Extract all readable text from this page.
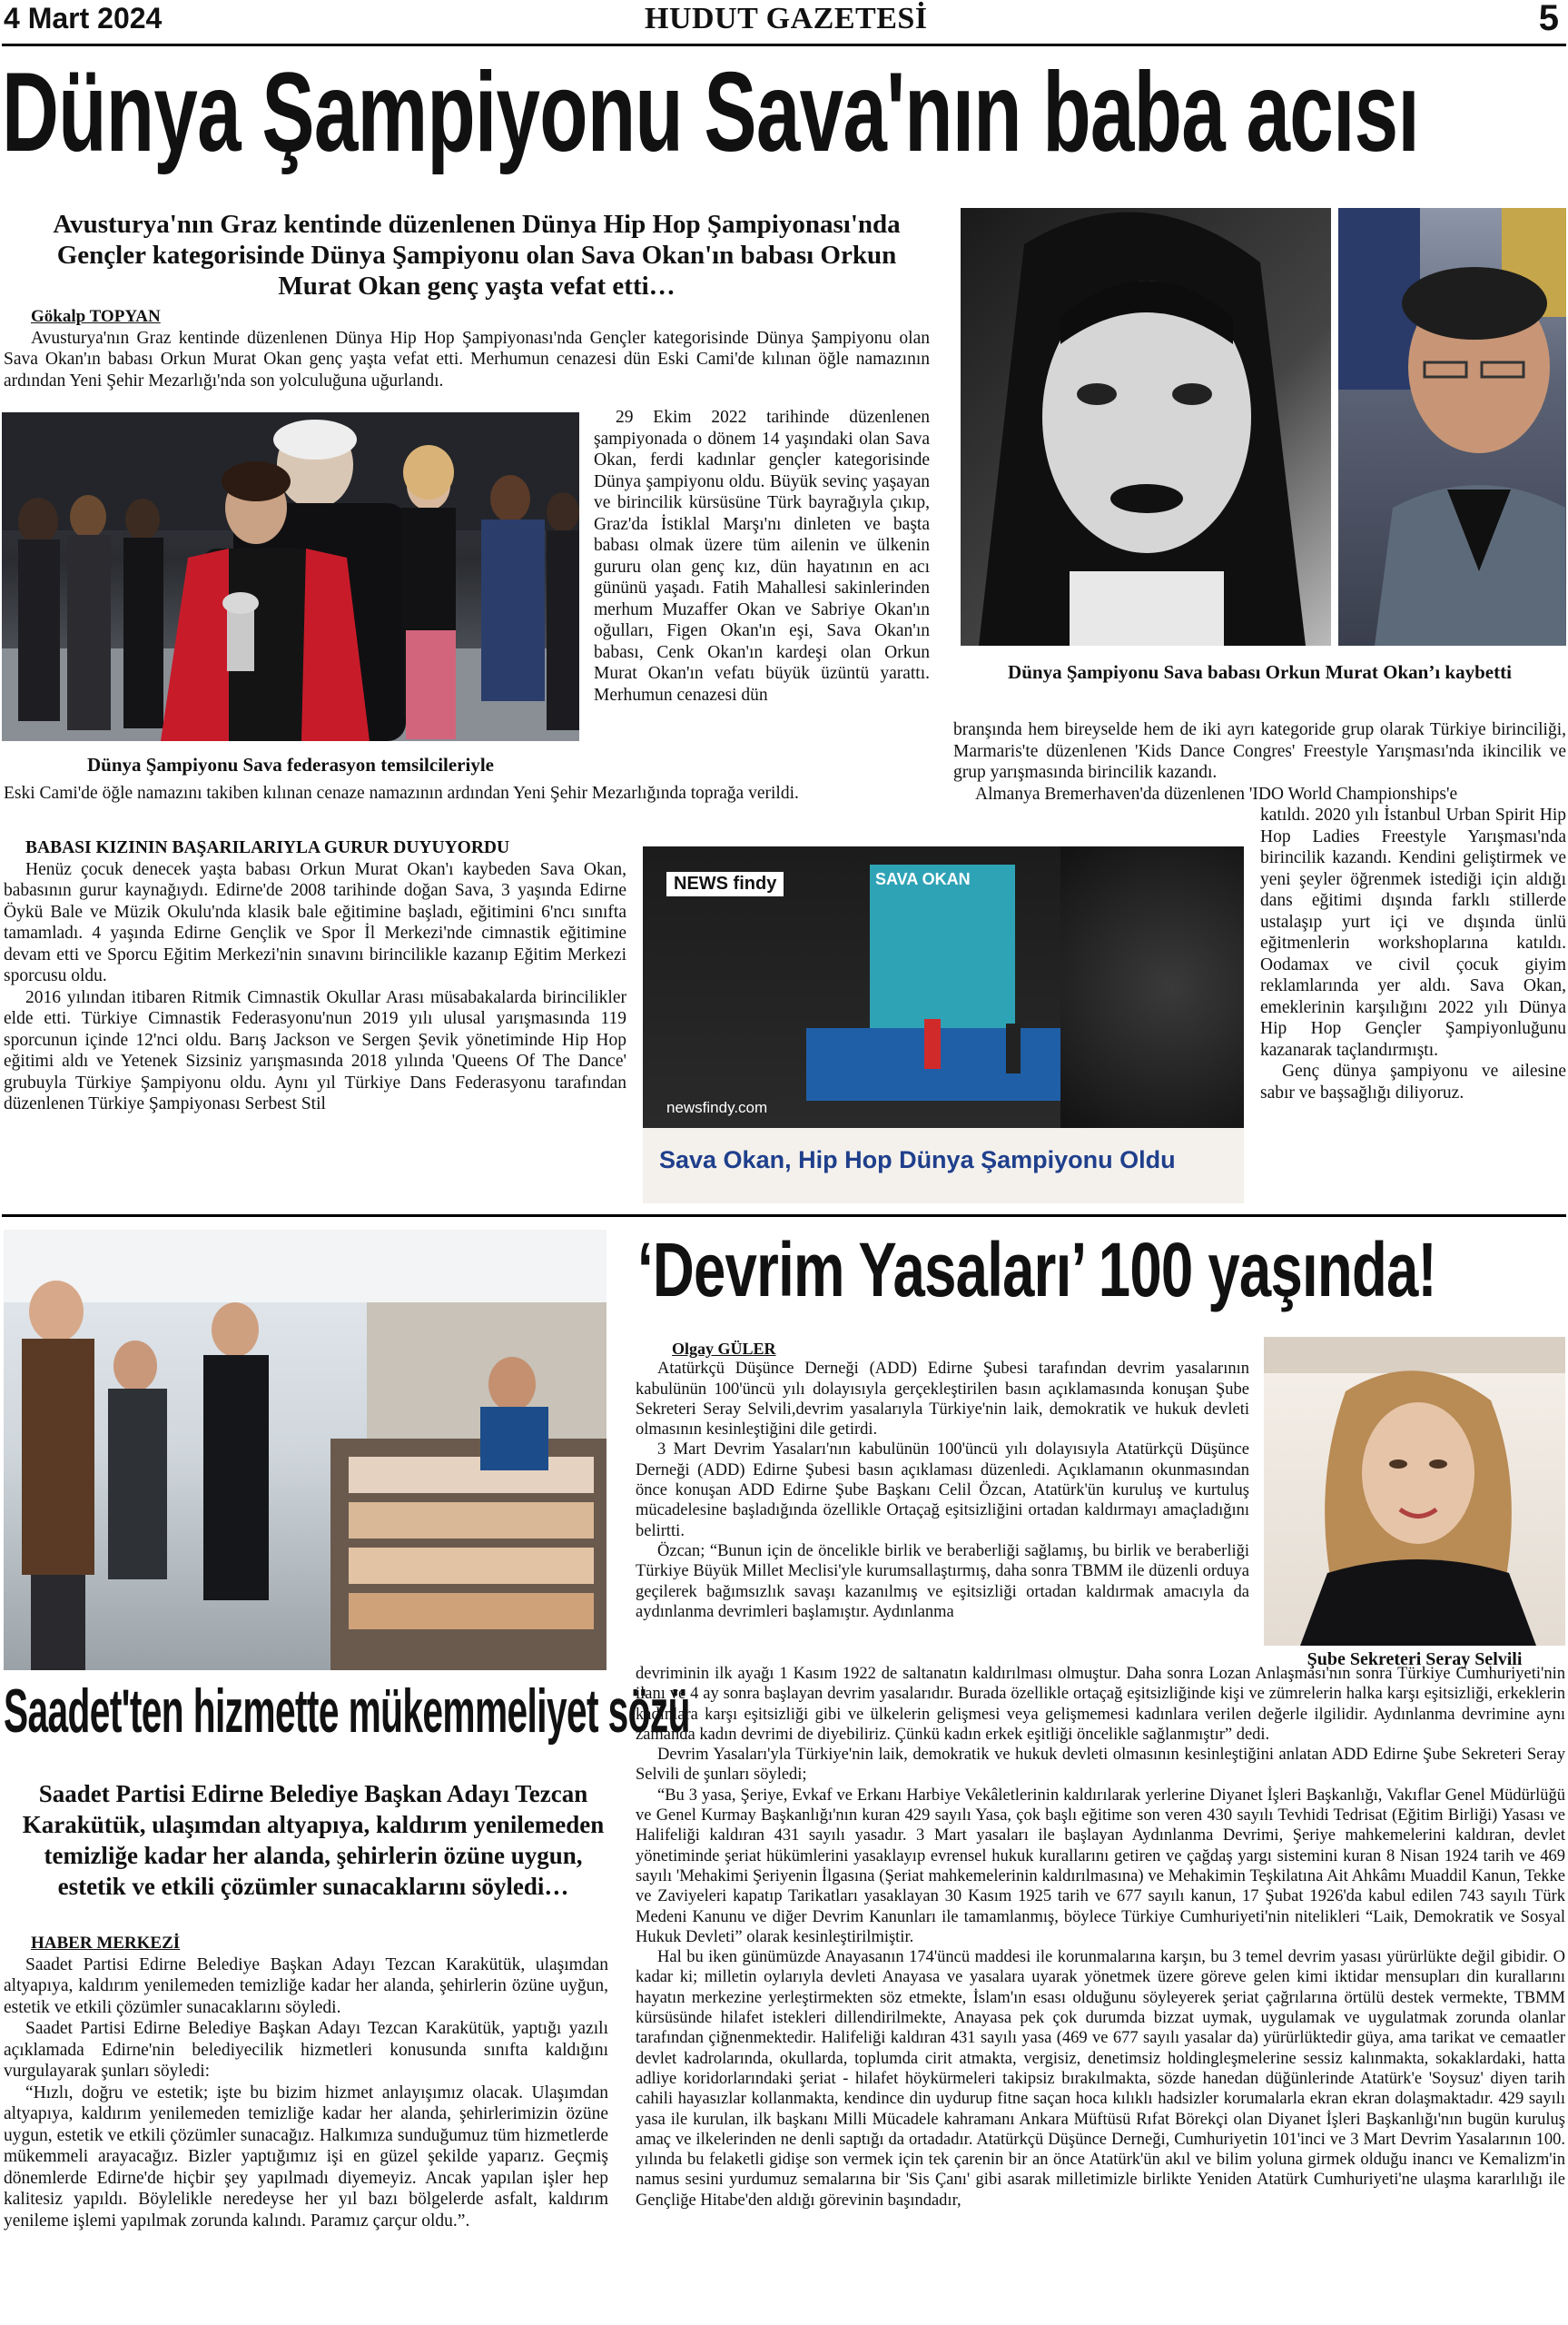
4 Mart 2024	HUDUT GAZETESİ	5
Dünya Şampiyonu Sava'nın baba acısı
Avusturya'nın Graz kentinde düzenlenen Dünya Hip Hop Şampiyonası'nda Gençler kategorisinde Dünya Şampiyonu olan Sava Okan'ın babası Orkun Murat Okan genç yaşta vefat etti…
Gökalp TOPYAN

Avusturya'nın Graz kentinde düzenlenen Dünya Hip Hop Şampiyonası'nda Gençler kategorisinde Dünya Şampiyonu olan Sava Okan'ın babası Orkun Murat Okan genç yaşta vefat etti. Merhumun cenazesi dün Eski Cami'de kılınan öğle namazının ardından Yeni Şehir Mezarlığı'nda son yolculuğuna uğurlandı.

Dünya Şampiyonu Sava federasyon temsilcileriyle

29 Ekim 2022 tarihinde düzenlenen şampiyonada o dönem 14 yaşındaki olan Sava Okan, ferdi kadınlar gençler kategorisinde Dünya şampiyonu oldu. Büyük sevinç yaşayan ve birincilik kürsüsüne Türk bayrağıyla çıkıp, Graz'da İstiklal Marşı'nı dinleten ve başta babası olmak üzere tüm ailenin ve ülkenin gururu olan genç kız, dün hayatının en acı gününü yaşadı. Fatih Mahallesi sakinlerinden merhum Muzaffer Okan ve Sabriye Okan'ın oğulları, Figen Okan'ın eşi, Sava Okan'ın babası, Cenk Okan'ın kardeşi olan Orkun Murat Okan'ın vefatı büyük üzüntü yarattı. Merhumun cenazesi dün

Dünya Şampiyonu Sava babası Orkun Murat Okan’ı kaybetti

Eski Cami'de öğle namazını takiben kılınan cenaze namazının ardından Yeni Şehir Mezarlığında toprağa verildi.

BABASI KIZININ BAŞARILARIYLA GURUR DUYUYORDU

Henüz çocuk denecek yaşta babası Orkun Murat Okan'ı kaybeden Sava Okan, babasının gurur kaynağıydı. Edirne'de 2008 tarihinde doğan Sava, 3 yaşında Edirne Öykü Bale ve Müzik Okulu'nda klasik bale eğitimine başladı, eğitimini 6'ncı sınıfta tamamladı. 4 yaşında Edirne Gençlik ve Spor İl Merkezi'nde cimnastik eğitimine devam etti ve Sporcu Eğitim Merkezi'nin sınavını birincilikle kazanıp Eğitim Merkezi sporcusu oldu.

2016 yılından itibaren Ritmik Cimnastik Okullar Arası müsabakalarda birincilikler elde etti. Türkiye Cimnastik Federasyonu'nun 2019 yılı ulusal yarışmasında 119 sporcunun içinde 12'nci oldu. Barış Jackson ve Sergen Şevik yönetiminde Hip Hop eğitimi aldı ve Yetenek Sizsiniz yarışmasında 2018 yılında 'Queens Of The Dance' grubuyla Türkiye Şampiyonu oldu. Aynı yıl Türkiye Dans Federasyonu tarafından düzenlenen Türkiye Şampiyonası Serbest Stil

branşında hem bireyselde hem de iki ayrı kategoride grup olarak Türkiye birinciliği, Marmaris'te düzenlenen 'Kids Dance Congres' Freestyle Yarışması'nda ikincilik ve grup yarışmasında birincilik kazandı.

Almanya Bremerhaven'da düzenlenen 'IDO World Championships'e

NEWS findy	SAVA OKAN
newsfindy.com
Sava Okan, Hip Hop Dünya Şampiyonu Oldu

katıldı. 2020 yılı İstanbul Urban Spirit Hip Hop Ladies Freestyle Yarışması'nda birincilik kazandı. Kendini geliştirmek ve yeni şeyler öğrenmek istediği için aldığı dans eğitimi dışında farklı stillerde ustalaşıp yurt içi ve dışında ünlü eğitmenlerin workshoplarına katıldı. Oodamax ve civil çocuk giyim reklamlarında yer aldı. Sava Okan, emeklerinin karşılığını 2022 yılı Dünya Hip Hop Gençler Şampiyonluğunu kazanarak taçlandırmıştı.

Genç dünya şampiyonu ve ailesine sabır ve başsağlığı diliyoruz.

Saadet'ten hizmette mükemmeliyet sözü
Saadet Partisi Edirne Belediye Başkan Adayı Tezcan Karakütük, ulaşımdan altyapıya, kaldırım yenilemeden temizliğe kadar her alanda, şehirlerin özüne uygun, estetik ve etkili çözümler sunacaklarını söyledi…
HABER MERKEZİ

Saadet Partisi Edirne Belediye Başkan Adayı Tezcan Karakütük, ulaşımdan altyapıya, kaldırım yenilemeden temizliğe kadar her alanda, şehirlerin özüne uyğun, estetik ve etkili çözümler sunacaklarını söyledi.

Saadet Partisi Edirne Belediye Başkan Adayı Tezcan Karakütük, yaptığı yazılı açıklamada Edirne'nin belediyecilik hizmetleri konusunda sınıfta kaldığını vurgulayarak şunları söyledi:

“Hızlı, doğru ve estetik; işte bu bizim hizmet anlayışımız olacak. Ulaşımdan altyapıya, kaldırım yenilemeden temizliğe kadar her alanda, şehirlerimizin özüne uygun, estetik ve etkili çözümler sunacağız. Halkımıza sunduğumuz tüm hizmetlerde mükemmeli arayacağız. Bizler yaptığımız işi en güzel şekilde yaparız. Geçmiş dönemlerde Edirne'de hiçbir şey yapılmadı diyemeyiz. Ancak yapılan işler hep kalitesiz yapıldı. Böylelikle neredeyse her yıl bazı bölgelerde asfalt, kaldırım yenileme işlemi yapılmak zorunda kalındı. Paramız çarçur oldu.”.

‘Devrim Yasaları’ 100 yaşında!
Şube Sekreteri Seray Selvili
Olgay GÜLER

Atatürkçü Düşünce Derneği (ADD) Edirne Şubesi tarafından devrim yasalarının kabulünün 100'üncü yılı dolayısıyla gerçekleştirilen basın açıklamasında konuşan Şube Sekreteri Seray Selvili,devrim yasalarıyla Türkiye'nin laik, demokratik ve hukuk devleti olmasının kesinleştiğini dile getirdi.

3 Mart Devrim Yasaları'nın kabulünün 100'üncü yılı dolayısıyla Atatürkçü Düşünce Derneği (ADD) Edirne Şubesi basın açıklaması düzenledi. Açıklamanın okunmasından önce konuşan ADD Edirne Şube Başkanı Celil Özcan, Atatürk'ün kuruluş ve kurtuluş mücadelesine başladığında özellikle Ortaçağ eşitsizliğini ortadan kaldırmayı amaçladığını belirtti.

Özcan; “Bunun için de öncelikle birlik ve beraberliği sağlamış, bu birlik ve beraberliği Türkiye Büyük Millet Meclisi'yle kurumsallaştırmış, daha sonra TBMM ile düzenli orduya geçilerek bağımsızlık savaşı kazanılmış ve eşitsizliği ortadan kaldırmak amacıyla da aydınlanma devrimleri başlamıştır. Aydınlanma

devriminin ilk ayağı 1 Kasım 1922 de saltanatın kaldırılması olmuştur. Daha sonra Lozan Anlaşması'nın sonra Türkiye Cumhuriyeti'nin ilanı ve 4 ay sonra başlayan devrim yasalarıdır. Burada özellikle ortaçağ eşitsizliğinde kişi ve zümrelerin halka karşı eşitsizliği, erkeklerin kadınlara karşı eşitsizliği gibi ve ülkelerin gelişmesi veya gelişmemesi kadınlara verilen değerle ilgilidir. Aydınlanma devrimine aynı zamanda kadın devrimi de diyebiliriz. Çünkü kadın erkek eşitliği öncelikle sağlanmıştır” dedi.

Devrim Yasaları'yla Türkiye'nin laik, demokratik ve hukuk devleti olmasının kesinleştiğini anlatan ADD Edirne Şube Sekreteri Seray Selvili de şunları söyledi;

“Bu 3 yasa, Şeriye, Evkaf ve Erkanı Harbiye Vekâletlerinin kaldırılarak yerlerine Diyanet İşleri Başkanlığı, Vakıflar Genel Müdürlüğü ve Genel Kurmay Başkanlığı'nın kuran 429 sayılı Yasa, çok başlı eğitime son veren 430 sayılı Tevhidi Tedrisat (Eğitim Birliği) Yasası ve Halifeliği kaldıran 431 sayılı yasadır. 3 Mart yasaları ile başlayan Aydınlanma Devrimi, Şeriye mahkemelerini kaldıran, devlet yönetiminde şeriat hükümlerini yasaklayıp evrensel hukuk kurallarını getiren ve çağdaş yargı sistemini kuran 8 Nisan 1924 tarih ve 469 sayılı 'Mehakimi Şeriyenin İlgasına (Şeriat mahkemelerinin kaldırılmasına) ve Mehakimin Teşkilatına Ait Ahkâmı Muaddil Kanun, Tekke ve Zaviyeleri kapatıp Tarikatları yasaklayan 30 Kasım 1925 tarih ve 677 sayılı kanun, 17 Şubat 1926'da kabul edilen 743 sayılı Türk Medeni Kanunu ve diğer Devrim Kanunları ile tamamlanmış, böylece Türkiye Cumhuriyeti'nin nitelikleri “Laik, Demokratik ve Sosyal Hukuk Devleti” olarak kesinleştirilmiştir.

Hal bu iken günümüzde Anayasanın 174'üncü maddesi ile korunmalarına karşın, bu 3 temel devrim yasası yürürlükte değil gibidir. O kadar ki; milletin oylarıyla devleti Anayasa ve yasalara uyarak yönetmek üzere göreve gelen kimi iktidar mensupları din kurallarını hayatın merkezine yerleştirmekten söz etmekte, İslam'ın esası olduğunu söyleyerek şeriat çağrılarına örtülü destek vermekte, TBMM kürsüsünde hilafet istekleri dillendirilmekte, Anayasa pek çok durumda bizzat uymak, uygulamak ve uygulatmak zorunda olanlar tarafından çiğnenmektedir. Halifeliği kaldıran 431 sayılı yasa (469 ve 677 sayılı yasalar da) yürürlüktedir güya, ama tarikat ve cemaatler devlet kadrolarında, okullarda, toplumda cirit atmakta, vergisiz, denetimsiz holdingleşmelerine sessiz kalınmakta, sokaklardaki, hatta adliye koridorlarındaki şeriat - hilafet höykürmeleri takipsiz bırakılmakta, sözde hanedan düğünlerinde Atatürk'e 'Soysuz' diyen tarih cahili hayasızlar kollanmakta, kendince din uydurup fitne saçan hoca kılıklı hadsizler korumalarla ekran ekran dolaşmaktadır. 429 sayılı yasa ile kurulan, ilk başkanı Milli Mücadele kahramanı Ankara Müftüsü Rıfat Börekçi olan Diyanet İşleri Başkanlığı'nın bugün kuruluş amaç ve ilkelerinden ne denli saptığı da ortadadır. Atatürkçü Düşünce Derneği, Cumhuriyetin 101'inci ve 3 Mart Devrim Yasalarının 100. yılında bu felaketli gidişe son vermek için tek çarenin bir an önce Atatürk'ün akıl ve bilim yoluna girmek olduğu inancı ve Kemalizm'in namus sesini yurdumuz semalarına bir 'Sis Çanı' gibi asarak milletimizle birlikte Yeniden Atatürk Cumhuriyeti'ne ulaşma kararlılığı ile Gençliğe Hitabe'den aldığı görevinin başındadır,
